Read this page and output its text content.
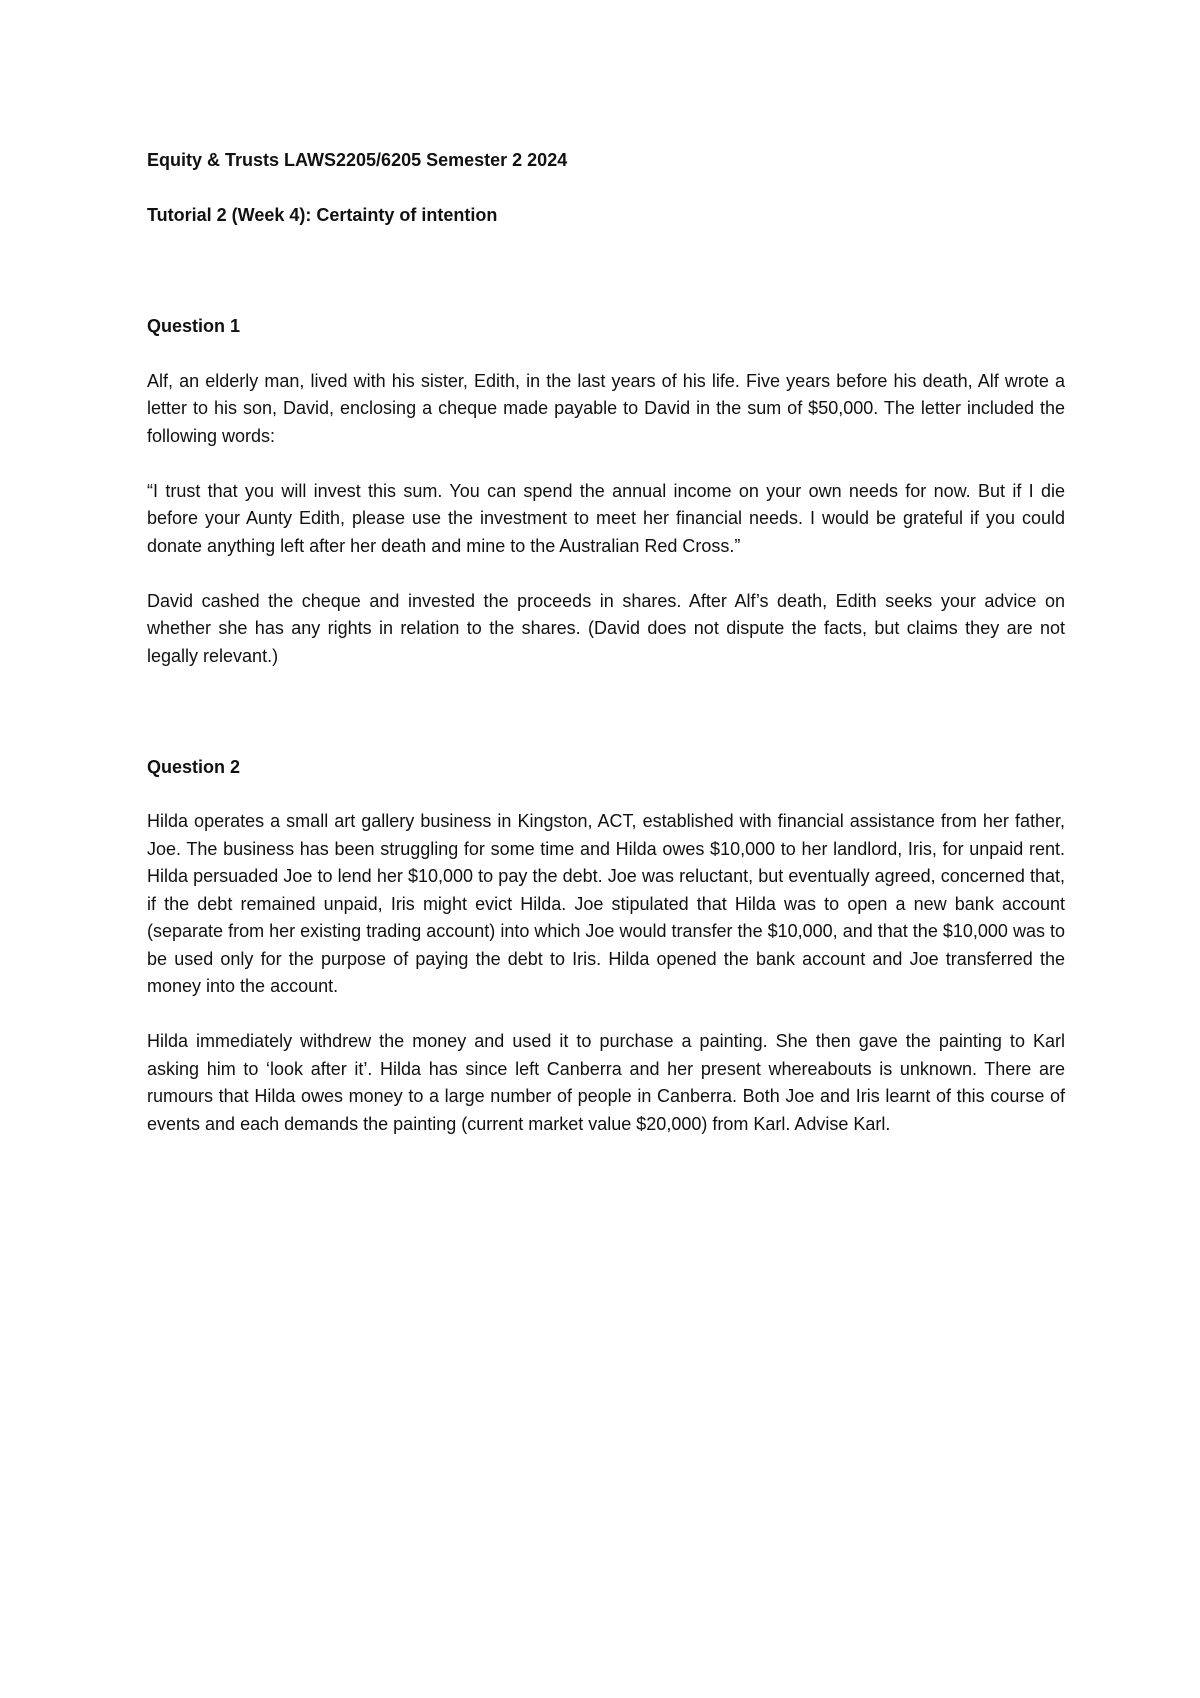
Equity & Trusts LAWS2205/6205 Semester 2 2024

Tutorial 2 (Week 4): Certainty of intention

Question 1

Alf, an elderly man, lived with his sister, Edith, in the last years of his life. Five years before his death, Alf wrote a letter to his son, David, enclosing a cheque made payable to David in the sum of $50,000. The letter included the following words:

“I trust that you will invest this sum. You can spend the annual income on your own needs for now. But if I die before your Aunty Edith, please use the investment to meet her financial needs. I would be grateful if you could donate anything left after her death and mine to the Australian Red Cross.”

David cashed the cheque and invested the proceeds in shares. After Alf’s death, Edith seeks your advice on whether she has any rights in relation to the shares. (David does not dispute the facts, but claims they are not legally relevant.)

Question 2

Hilda operates a small art gallery business in Kingston, ACT, established with financial assistance from her father, Joe. The business has been struggling for some time and Hilda owes $10,000 to her landlord, Iris, for unpaid rent. Hilda persuaded Joe to lend her $10,000 to pay the debt. Joe was reluctant, but eventually agreed, concerned that, if the debt remained unpaid, Iris might evict Hilda. Joe stipulated that Hilda was to open a new bank account (separate from her existing trading account) into which Joe would transfer the $10,000, and that the $10,000 was to be used only for the purpose of paying the debt to Iris. Hilda opened the bank account and Joe transferred the money into the account.

Hilda immediately withdrew the money and used it to purchase a painting. She then gave the painting to Karl asking him to ‘look after it’. Hilda has since left Canberra and her present whereabouts is unknown. There are rumours that Hilda owes money to a large number of people in Canberra. Both Joe and Iris learnt of this course of events and each demands the painting (current market value $20,000) from Karl. Advise Karl.
